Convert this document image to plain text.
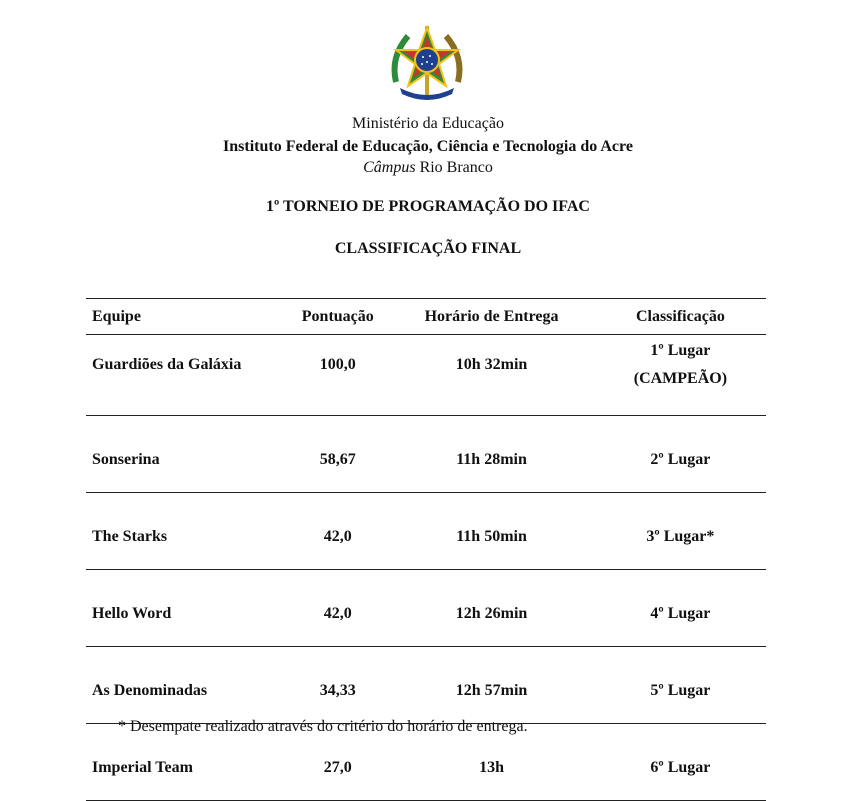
Ministério da Educação
Instituto Federal de Educação, Ciência e Tecnologia do Acre
Câmpus Rio Branco
1º TORNEIO DE PROGRAMAÇÃO DO IFAC
CLASSIFICAÇÃO FINAL
Equipe	Pontuação	Horário de Entrega	Classificação
Guardiões da Galáxia	100,0	10h 32min	1º Lugar
(CAMPEÃO)

Sonserina	58,67	11h 28min	2º Lugar
The Starks	42,0	11h 50min	3º Lugar*
Hello Word	42,0	12h 26min	4º Lugar
As Denominadas	34,33	12h 57min	5º Lugar
Imperial Team	27,0	13h	6º Lugar
* Desempate realizado através do critério do horário de entrega.
